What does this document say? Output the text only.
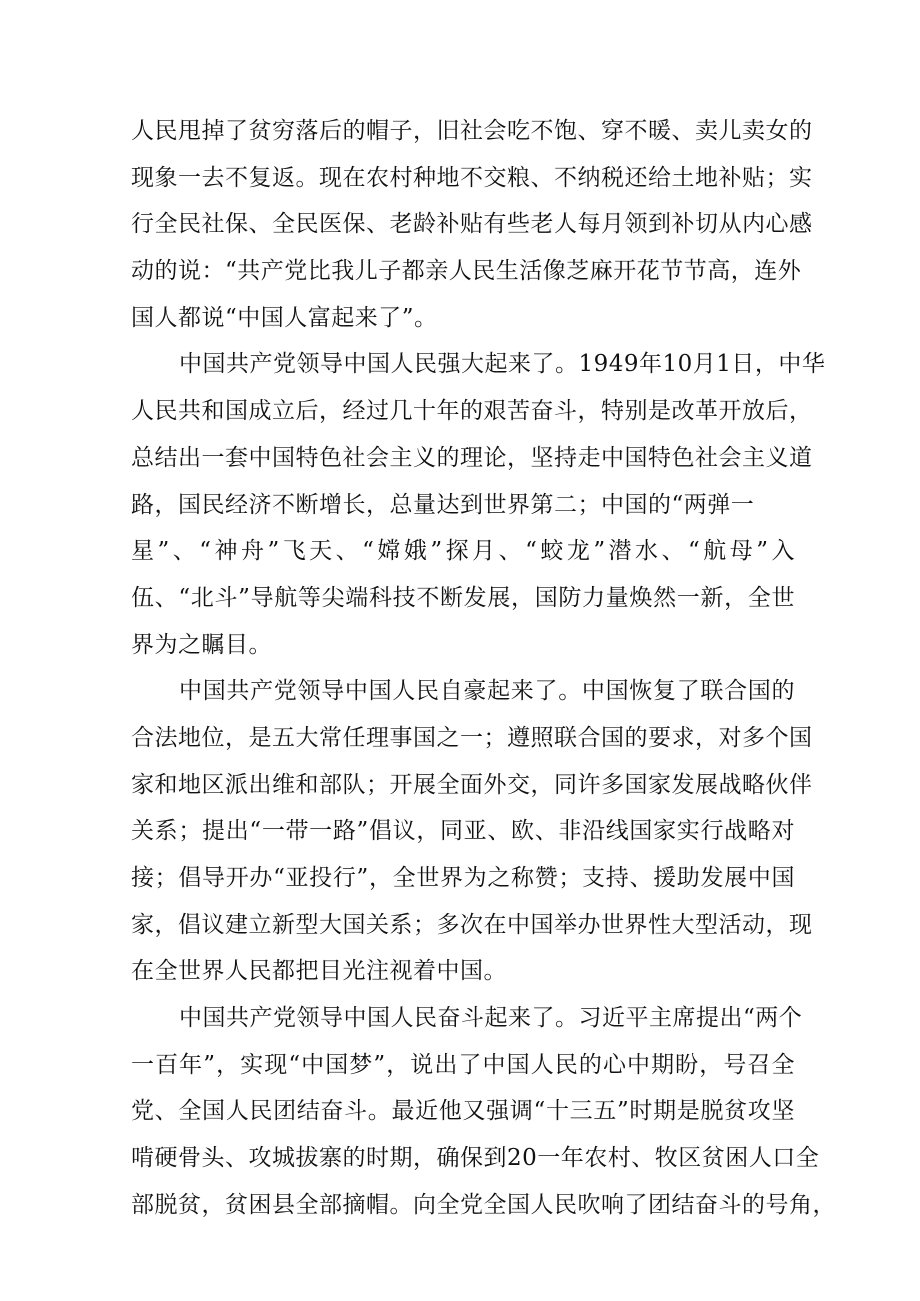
人民甩掉了贫穷落后的帽子，旧社会吃不饱、穿不暖、卖儿卖女的
现象一去不复返。现在农村种地不交粮、不纳税还给土地补贴；实
行全民社保、全民医保、老龄补贴有些老人每月领到补切从内心感
动的说：“共产党比我儿子都亲人民生活像芝麻开花节节高，连外
国人都说“中国人富起来了”。
中国共产党领导中国人民强大起来了。1949年10月1日，中华
人民共和国成立后，经过几十年的艰苦奋斗，特别是改革开放后，
总结出一套中国特色社会主义的理论，坚持走中国特色社会主义道
路，国民经济不断增长，总量达到世界第二；中国的“两弹一
星”、“神舟”飞天、“嫦娥”探月、“蛟龙”潜水、“航母”入
伍、“北斗”导航等尖端科技不断发展，国防力量焕然一新，全世
界为之瞩目。
中国共产党领导中国人民自豪起来了。中国恢复了联合国的
合法地位，是五大常任理事国之一；遵照联合国的要求，对多个国
家和地区派出维和部队；开展全面外交，同许多国家发展战略伙伴
关系；提出“一带一路”倡议，同亚、欧、非沿线国家实行战略对
接；倡导开办“亚投行”，全世界为之称赞；支持、援助发展中国
家，倡议建立新型大国关系；多次在中国举办世界性大型活动，现
在全世界人民都把目光注视着中国。
中国共产党领导中国人民奋斗起来了。习近平主席提出“两个
一百年”，实现“中国梦”，说出了中国人民的心中期盼，号召全
党、全国人民团结奋斗。最近他又强调“十三五”时期是脱贫攻坚
啃硬骨头、攻城拔寨的时期，确保到20一年农村、牧区贫困人口全
部脱贫，贫困县全部摘帽。向全党全国人民吹响了团结奋斗的号角，
